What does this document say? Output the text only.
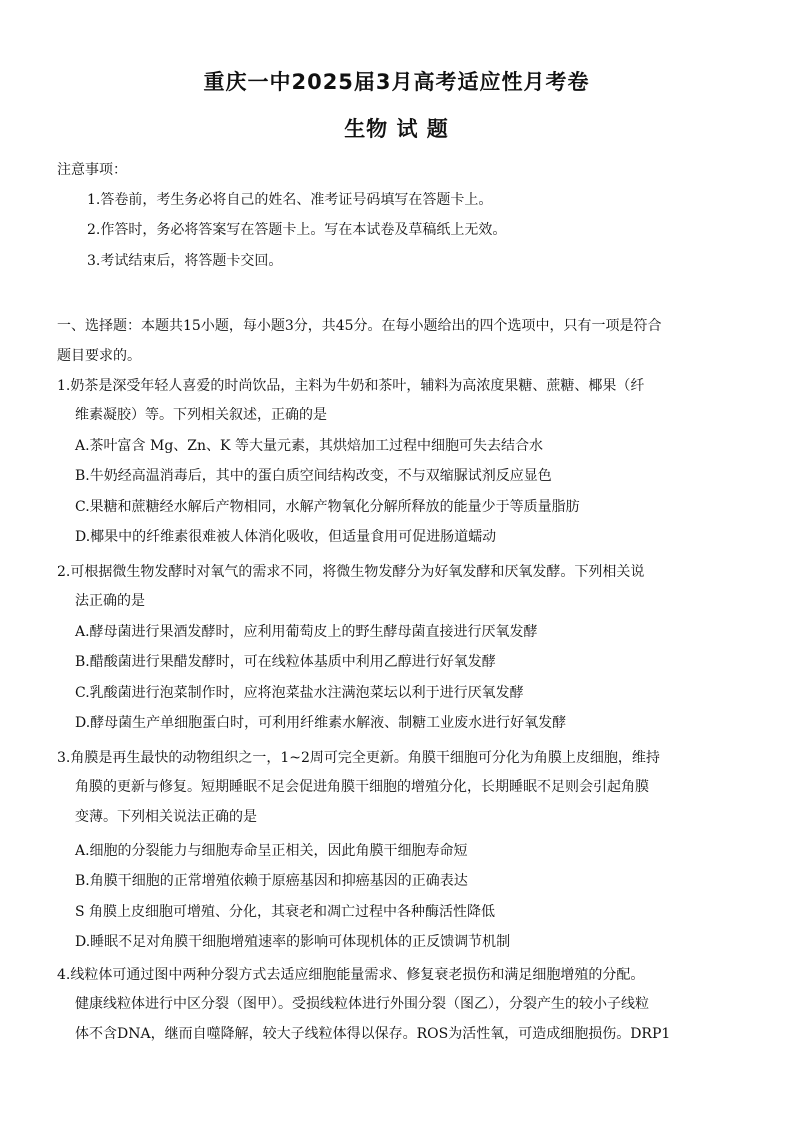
重庆一中2025届3月高考适应性月考卷
生物 试 题
注意事项：
1.答卷前，考生务必将自己的姓名、准考证号码填写在答题卡上。
2.作答时，务必将答案写在答题卡上。写在本试卷及草稿纸上无效。
3.考试结束后，将答题卡交回。
一、选择题：本题共15小题，每小题3分，共45分。在每小题给出的四个选项中，只有一项是符合
题目要求的。
1.奶茶是深受年轻人喜爱的时尚饮品，主料为牛奶和茶叶，辅料为高浓度果糖、蔗糖、椰果（纤
维素凝胶）等。下列相关叙述，正确的是
A.茶叶富含 Mg、Zn、K 等大量元素，其烘焙加工过程中细胞可失去结合水
B.牛奶经高温消毒后，其中的蛋白质空间结构改变，不与双缩脲试剂反应显色
C.果糖和蔗糖经水解后产物相同，水解产物氧化分解所释放的能量少于等质量脂肪
D.椰果中的纤维素很难被人体消化吸收，但适量食用可促进肠道蠕动
2.可根据微生物发酵时对氧气的需求不同，将微生物发酵分为好氧发酵和厌氧发酵。下列相关说
法正确的是
A.酵母菌进行果酒发酵时，应利用葡萄皮上的野生酵母菌直接进行厌氧发酵
B.醋酸菌进行果醋发酵时，可在线粒体基质中利用乙醇进行好氧发酵
C.乳酸菌进行泡菜制作时，应将泡菜盐水注满泡菜坛以利于进行厌氧发酵
D.酵母菌生产单细胞蛋白时，可利用纤维素水解液、制糖工业废水进行好氧发酵
3.角膜是再生最快的动物组织之一，1~2周可完全更新。角膜干细胞可分化为角膜上皮细胞，维持
角膜的更新与修复。短期睡眠不足会促进角膜干细胞的增殖分化，长期睡眠不足则会引起角膜
变薄。下列相关说法正确的是
A.细胞的分裂能力与细胞寿命呈正相关，因此角膜干细胞寿命短
B.角膜干细胞的正常增殖依赖于原癌基因和抑癌基因的正确表达
S 角膜上皮细胞可增殖、分化，其衰老和凋亡过程中各种酶活性降低
D.睡眠不足对角膜干细胞增殖速率的影响可体现机体的正反馈调节机制
4.线粒体可通过图中两种分裂方式去适应细胞能量需求、修复衰老损伤和满足细胞增殖的分配。
健康线粒体进行中区分裂（图甲）。受损线粒体进行外围分裂（图乙），分裂产生的较小子线粒
体不含DNA，继而自噬降解，较大子线粒体得以保存。ROS为活性氧，可造成细胞损伤。DRP1
